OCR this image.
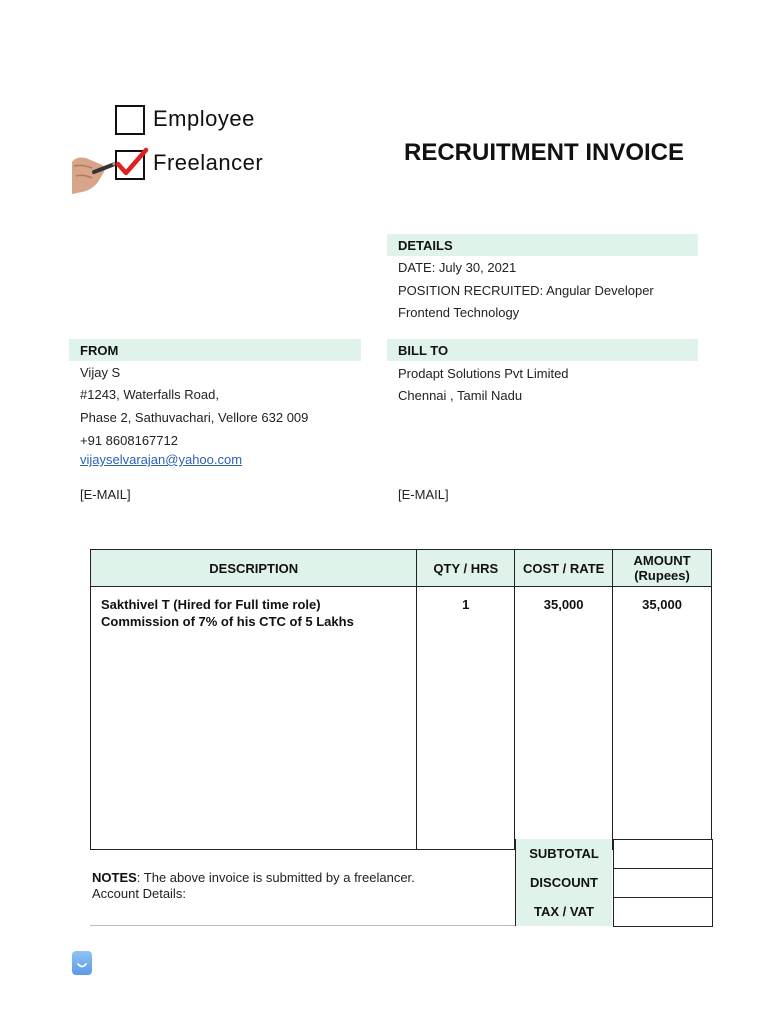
Employee
Freelancer	RECRUITMENT INVOICE
DETAILS
DATE: July 30, 2021
POSITION RECRUITED: Angular Developer
Frontend Technology
FROM
Vijay S
#1243, Waterfalls Road,
Phase 2, Sathuvachari, Vellore 632 009
+91 8608167712
vijayselvarajan@yahoo.com
[E-MAIL]
BILL TO
Prodapt Solutions Pvt Limited
Chennai , Tamil Nadu
[E-MAIL]
DESCRIPTION	QTY / HRS	COST / RATE	AMOUNT
(Rupees)

Sakthivel T (Hired for Full time role)
Commission of 7% of his CTC of 5 Lakhs	1	35,000	35,000
SUBTOTAL
DISCOUNT
TAX / VAT
NOTES: The above invoice is submitted by a freelancer.
Account Details:
